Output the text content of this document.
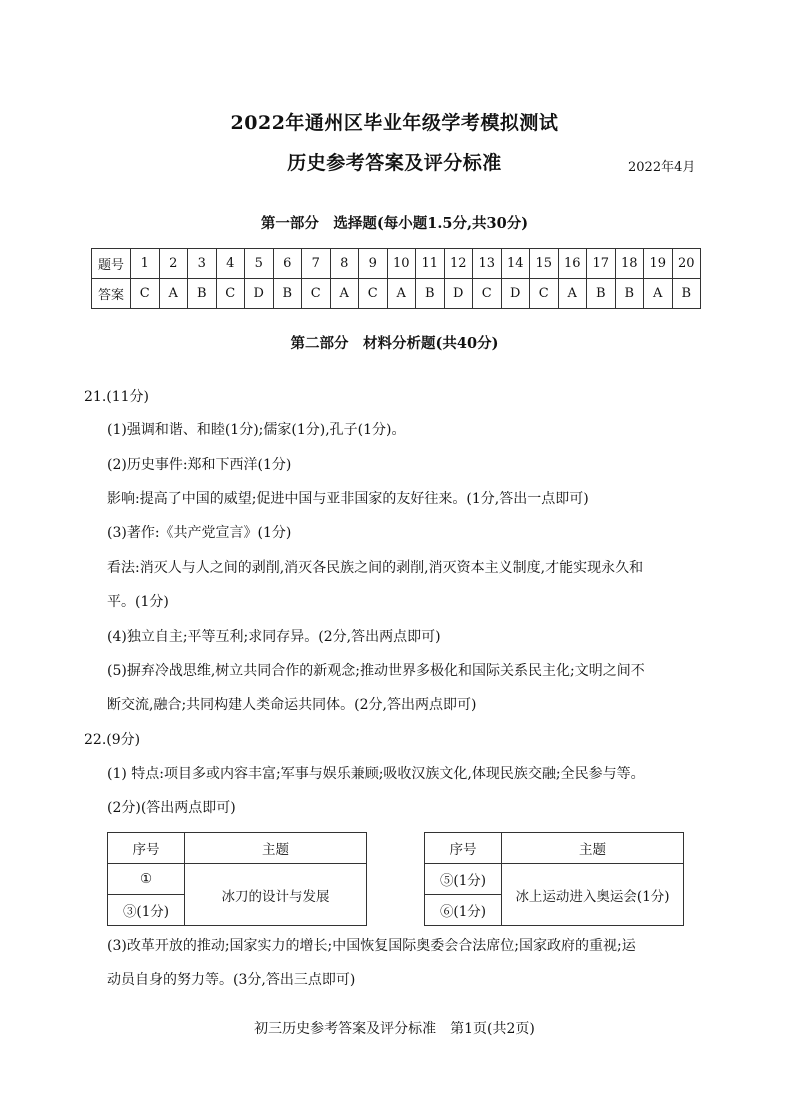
2022年通州区毕业年级学考模拟测试
历史参考答案及评分标准	2022年4月
第一部分　选择题(每小题1.5分,共30分)
题号	1	2	3	4	5	6	7	8	9	10	11	12	13	14	15	16	17	18	19	20
答案	C	A	B	C	D	B	C	A	C	A	B	D	C	D	C	A	B	B	A	B
第二部分　材料分析题(共40分)
21.(11分)
(1)强调和谐、和睦(1分);儒家(1分),孔子(1分)。
(2)历史事件:郑和下西洋(1分)
影响:提高了中国的威望;促进中国与亚非国家的友好往来。(1分,答出一点即可)
(3)著作:《共产党宣言》(1分)
看法:消灭人与人之间的剥削,消灭各民族之间的剥削,消灭资本主义制度,才能实现永久和
平。(1分)
(4)独立自主;平等互利;求同存异。(2分,答出两点即可)
(5)摒弃冷战思维,树立共同合作的新观念;推动世界多极化和国际关系民主化;文明之间不
断交流,融合;共同构建人类命运共同体。(2分,答出两点即可)
22.(9分)
(1) 特点:项目多或内容丰富;军事与娱乐兼顾;吸收汉族文化,体现民族交融;全民参与等。
(2分)(答出两点即可)
序号	主题
①	冰刀的设计与发展
③(1分)	
序号	主题
⑤(1分)	冰上运动进入奥运会(1分)
⑥(1分)	
(3)改革开放的推动;国家实力的增长;中国恢复国际奥委会合法席位;国家政府的重视;运
动员自身的努力等。(3分,答出三点即可)
初三历史参考答案及评分标准　第1页(共2页)
